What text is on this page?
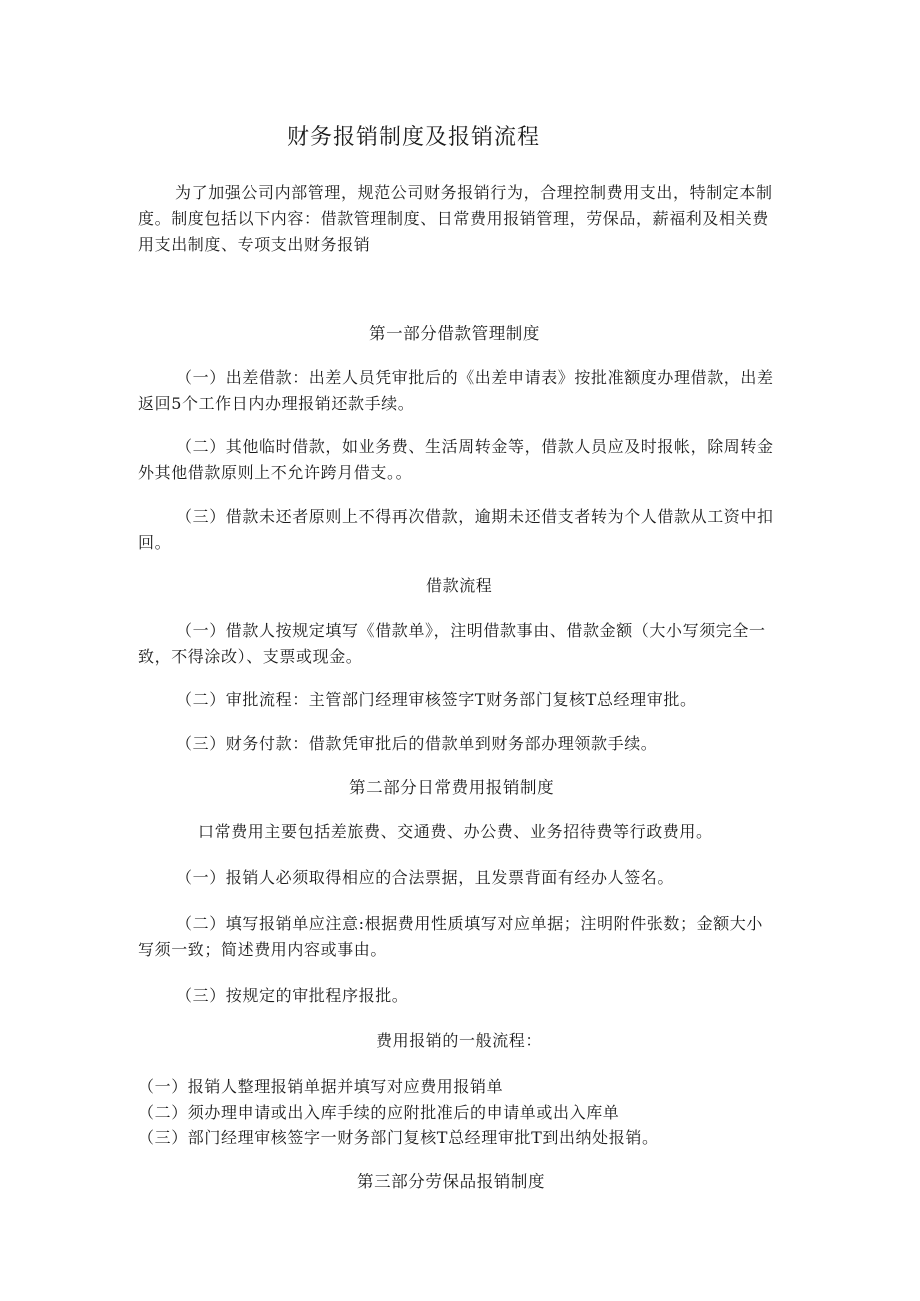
财务报销制度及报销流程
为了加强公司内部管理，规范公司财务报销行为，合理控制费用支出，特制定本制
度。制度包括以下内容：借款管理制度、日常费用报销管理，劳保品，薪福利及相关费
用支出制度、专项支出财务报销
第一部分借款管理制度
（一）出差借款：出差人员凭审批后的《出差申请表》按批准额度办理借款，出差
返回5个工作日内办理报销还款手续。
（二）其他临时借款，如业务费、生活周转金等，借款人员应及时报帐，除周转金
外其他借款原则上不允许跨月借支。。
（三）借款未还者原则上不得再次借款，逾期未还借支者转为个人借款从工资中扣
回。
借款流程
（一）借款人按规定填写《借款单》，注明借款事由、借款金额（大小写须完全一
致，不得涂改）、支票或现金。
（二）审批流程：主管部门经理审核签字T财务部门复核T总经理审批。
（三）财务付款：借款凭审批后的借款单到财务部办理领款手续。
第二部分日常费用报销制度
口常费用主要包括差旅费、交通费、办公费、业务招待费等行政费用。
（一）报销人必须取得相应的合法票据，且发票背面有经办人签名。
（二）填写报销单应注意:根据费用性质填写对应单据；注明附件张数；金额大小
写须一致；简述费用内容或事由。
（三）按规定的审批程序报批。
费用报销的一般流程：
（一）报销人整理报销单据并填写对应费用报销单
（二）须办理申请或出入库手续的应附批准后的申请单或出入库单
（三）部门经理审核签字一财务部门复核T总经理审批T到出纳处报销。
第三部分劳保品报销制度
